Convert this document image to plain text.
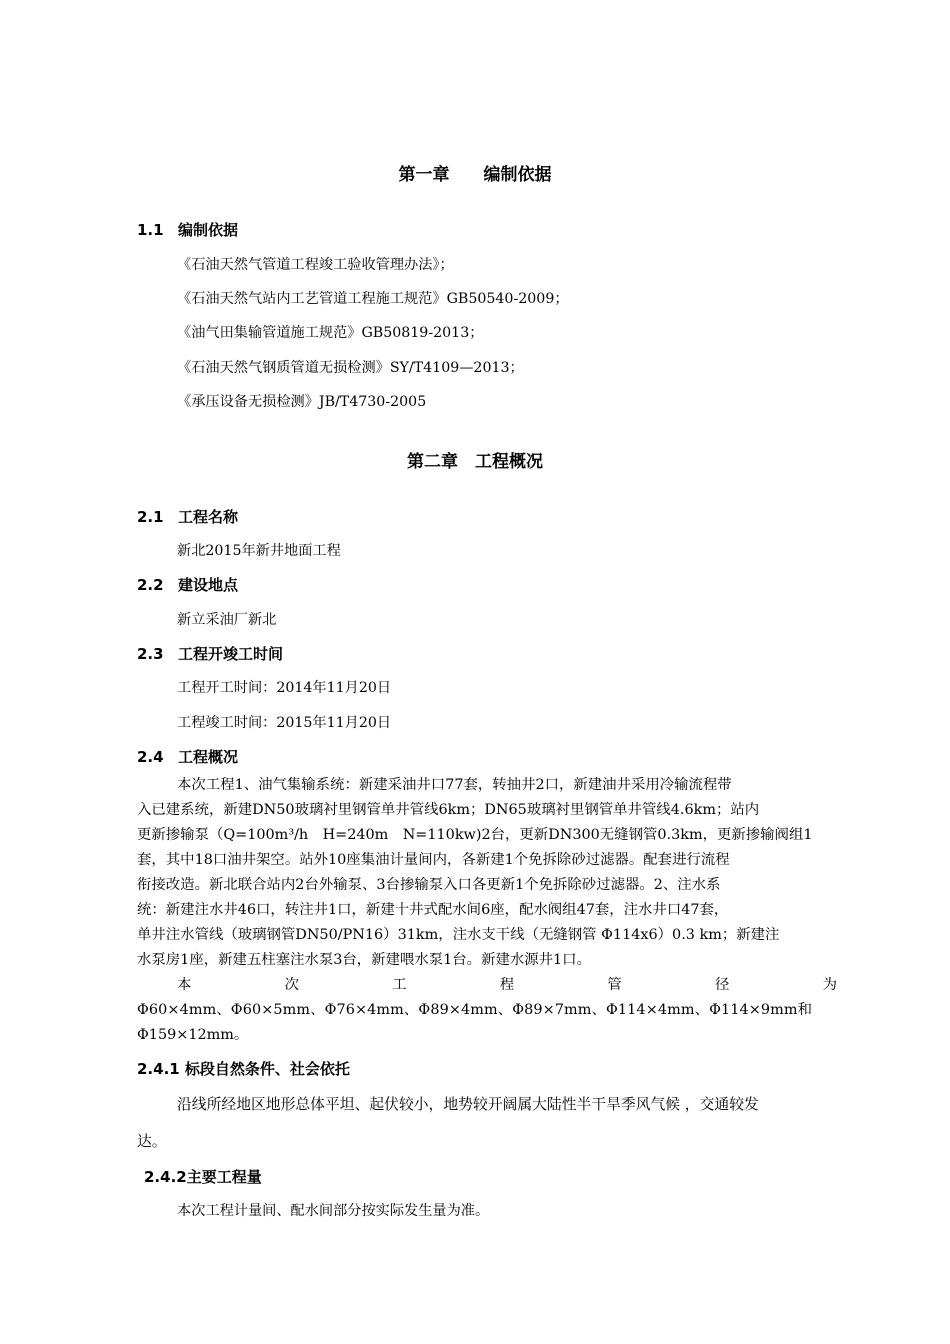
第一章　　编制依据
1.1 编制依据
《石油天然气管道工程竣工验收管理办法》；
《石油天然气站内工艺管道工程施工规范》GB50540-2009；
《油气田集输管道施工规范》GB50819-2013；
《石油天然气钢质管道无损检测》SY/T4109—2013；
《承压设备无损检测》JB/T4730-2005
第二章　工程概况
2.1 工程名称
新北2015年新井地面工程
2.2 建设地点
新立采油厂新北
2.3 工程开竣工时间
工程开工时间：2014年11月20日
工程竣工时间：2015年11月20日
2.4 工程概况
本次工程1、油气集输系统：新建采油井口77套，转抽井2口，新建油井采用冷输流程带
入已建系统，新建DN50玻璃衬里钢管单井管线6km；DN65玻璃衬里钢管单井管线4.6km；站内
更新掺输泵（Q=100m³/h　H=240m　N=110kw)2台，更新DN300无缝钢管0.3km，更新掺输阀组1
套，其中18口油井架空。站外10座集油计量间内，各新建1个免拆除砂过滤器。配套进行流程
衔接改造。新北联合站内2台外输泵、3台掺输泵入口各更新1个免拆除砂过滤器。2、注水系
统：新建注水井46口，转注井1口，新建十井式配水间6座，配水阀组47套，注水井口47套，
单井注水管线（玻璃钢管DN50/PN16）31km，注水支干线（无缝钢管 Φ114x6）0.3 km；新建注
水泵房1座，新建五柱塞注水泵3台，新建喂水泵1台。新建水源井1口。
本	次	工	程	管	径	为
Φ60×4mm、Φ60×5mm、Φ76×4mm、Φ89×4mm、Φ89×7mm、Φ114×4mm、Φ114×9mm和
Φ159×12mm。
2.4.1 标段自然条件、社会依托
沿线所经地区地形总体平坦、起伏较小，地势较开阔属大陆性半干旱季风气候 ，交通较发
达。
2.4.2主要工程量
本次工程计量间、配水间部分按实际发生量为准。
